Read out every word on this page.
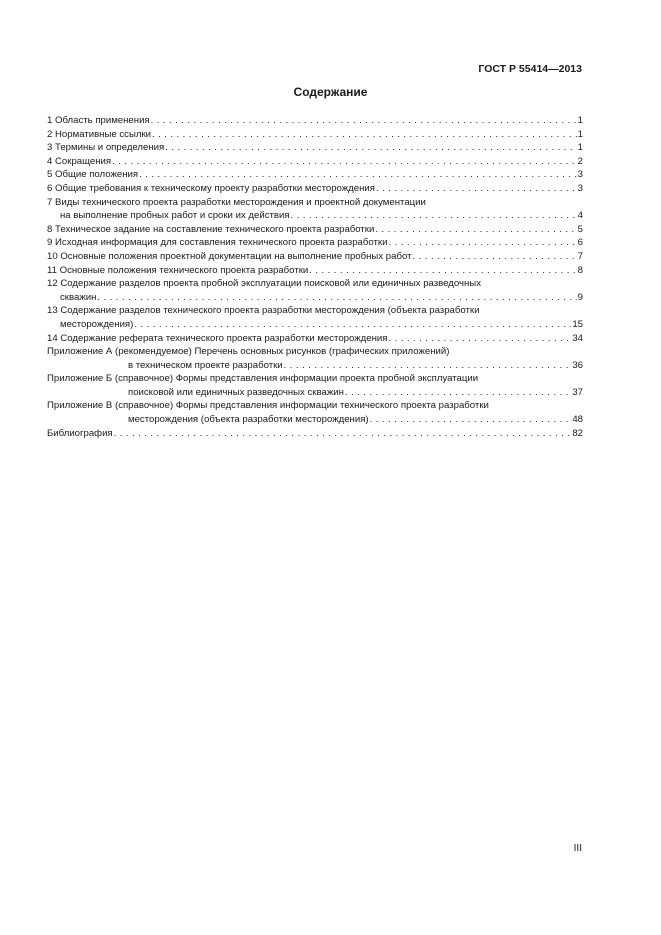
ГОСТ Р 55414—2013
Содержание
1 Область применения . . .	1
2 Нормативные ссылки . . .	1
3 Термины и определения . . .	1
4 Сокращения . . .	2
5 Общие положения . . .	3
6 Общие требования к техническому проекту разработки месторождения . . .	3
7 Виды технического проекта разработки месторождения и проектной документации
на выполнение пробных работ и сроки их действия . . .	4
8 Техническое задание на составление технического проекта разработки . . .	5
9 Исходная информация для составления технического проекта разработки . . .	6
10 Основные положения проектной документации на выполнение пробных работ . . .	7
11 Основные положения технического проекта разработки . . .	8
12 Содержание разделов проекта пробной эксплуатации поисковой или единичных разведочных
скважин . . .	9
13 Содержание разделов технического проекта разработки месторождения (объекта разработки
месторождения) . . .	15
14 Содержание реферата технического проекта разработки месторождения . . .	34
Приложение А (рекомендуемое) Перечень основных рисунков (графических приложений)
в техническом проекте разработки . . .	36
Приложение Б (справочное) Формы представления информации проекта пробной эксплуатации
поисковой или единичных разведочных скважин . . .	37
Приложение В (справочное) Формы представления информации технического проекта разработки
месторождения (объекта разработки месторождения) . . .	48
Библиография . . .	82
III
